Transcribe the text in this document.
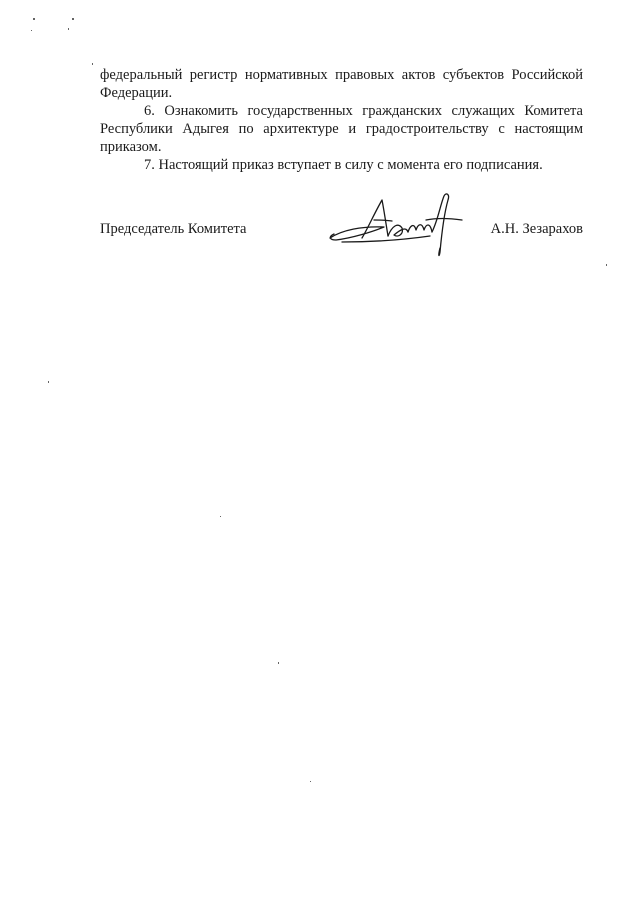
федеральный регистр нормативных правовых актов субъектов Российской
Федерации.
6. Ознакомить государственных гражданских служащих Комитета
Республики Адыгея по архитектуре и градостроительству с настоящим
приказом.
7. Настоящий приказ вступает в силу с момента его подписания.
Председатель Комитета	А.Н. Зезарахов
